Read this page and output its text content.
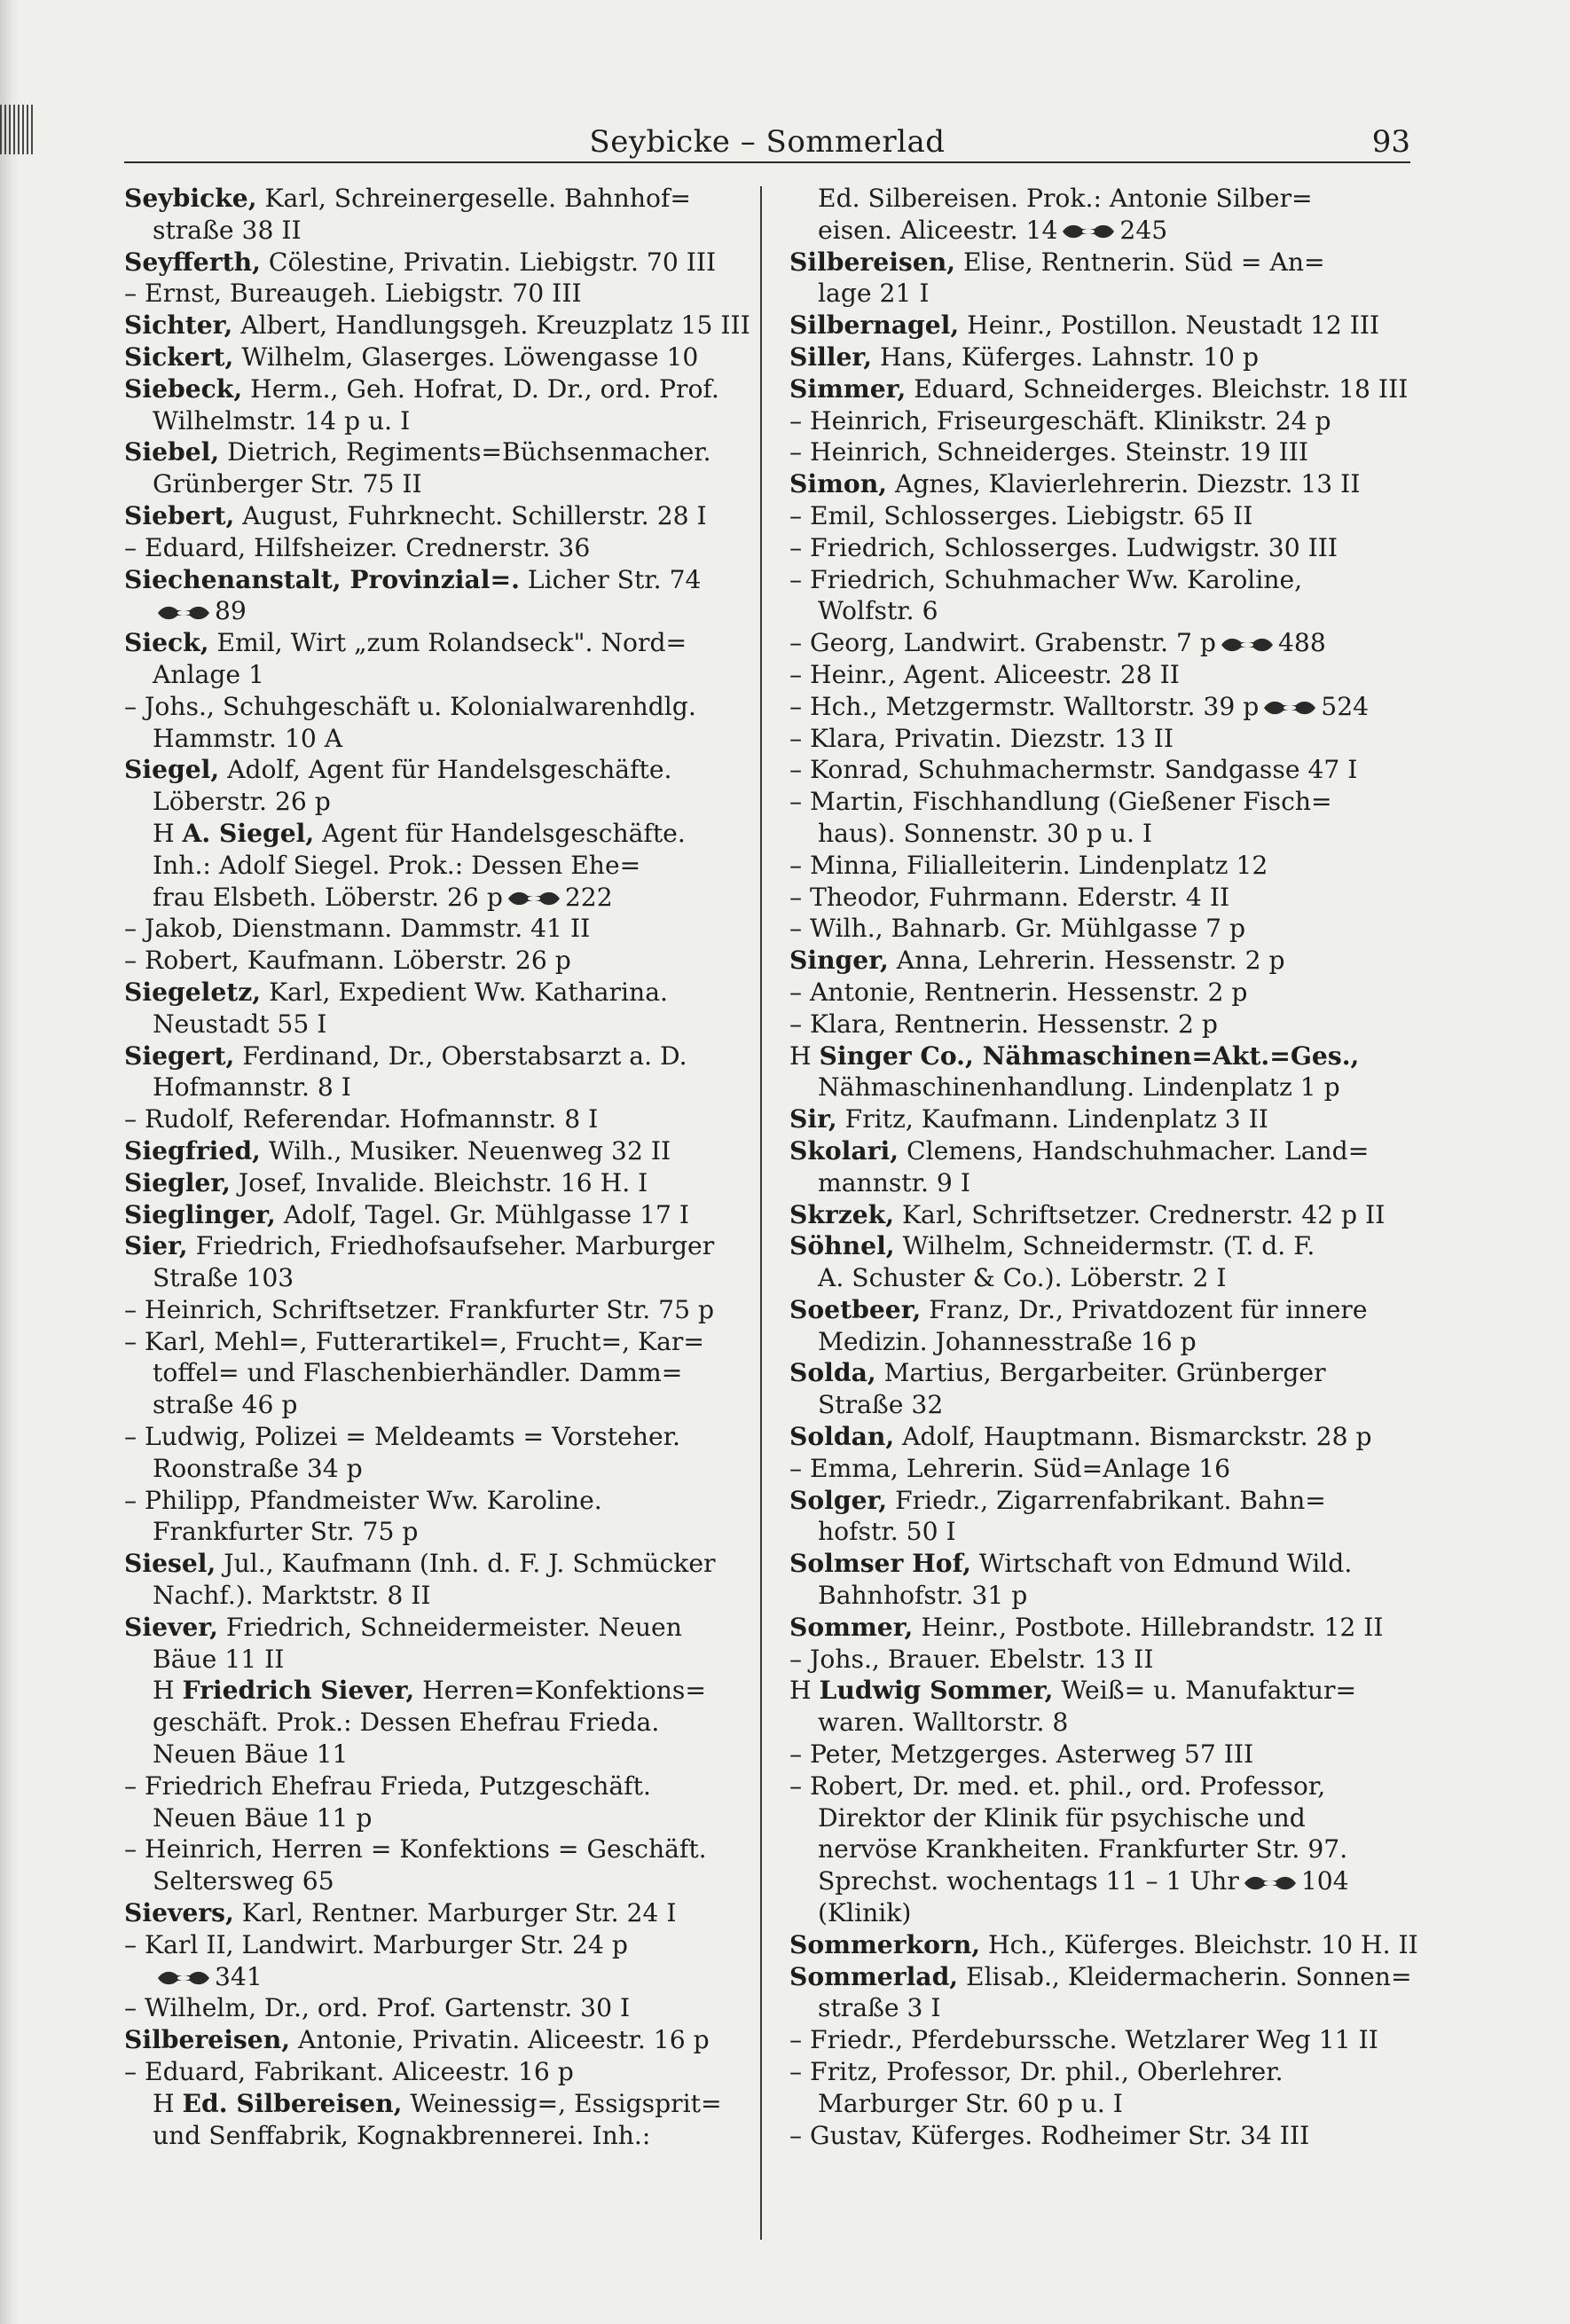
Seybicke – Sommerlad	93
Seybicke, Karl, Schreinergeselle. Bahnhof=
straße 38 II
Seyfferth, Cölestine, Privatin. Liebigstr. 70 III
– Ernst, Bureaugeh. Liebigstr. 70 III
Sichter, Albert, Handlungsgeh. Kreuzplatz 15 III
Sickert, Wilhelm, Glaserges. Löwengasse 10
Siebeck, Herm., Geh. Hofrat, D. Dr., ord. Prof.
Wilhelmstr. 14 p u. I
Siebel, Dietrich, Regiments=Büchsenmacher.
Grünberger Str. 75 II
Siebert, August, Fuhrknecht. Schillerstr. 28 I
– Eduard, Hilfsheizer. Crednerstr. 36
Siechenanstalt, Provinzial=. Licher Str. 74
89
Sieck, Emil, Wirt „zum Rolandseck". Nord=
Anlage 1
– Johs., Schuhgeschäft u. Kolonialwarenhdlg.
Hammstr. 10 A
Siegel, Adolf, Agent für Handelsgeschäfte.
Löberstr. 26 p
H A. Siegel, Agent für Handelsgeschäfte.
Inh.: Adolf Siegel. Prok.: Dessen Ehe=
frau Elsbeth. Löberstr. 26 p 222
– Jakob, Dienstmann. Dammstr. 41 II
– Robert, Kaufmann. Löberstr. 26 p
Siegeletz, Karl, Expedient Ww. Katharina.
Neustadt 55 I
Siegert, Ferdinand, Dr., Oberstabsarzt a. D.
Hofmannstr. 8 I
– Rudolf, Referendar. Hofmannstr. 8 I
Siegfried, Wilh., Musiker. Neuenweg 32 II
Siegler, Josef, Invalide. Bleichstr. 16 H. I
Sieglinger, Adolf, Tagel. Gr. Mühlgasse 17 I
Sier, Friedrich, Friedhofsaufseher. Marburger
Straße 103
– Heinrich, Schriftsetzer. Frankfurter Str. 75 p
– Karl, Mehl=, Futterartikel=, Frucht=, Kar=
toffel= und Flaschenbierhändler. Damm=
straße 46 p
– Ludwig, Polizei = Meldeamts = Vorsteher.
Roonstraße 34 p
– Philipp, Pfandmeister Ww. Karoline.
Frankfurter Str. 75 p
Siesel, Jul., Kaufmann (Inh. d. F. J. Schmücker
Nachf.). Marktstr. 8 II
Siever, Friedrich, Schneidermeister. Neuen
Bäue 11 II
H Friedrich Siever, Herren=Konfektions=
geschäft. Prok.: Dessen Ehefrau Frieda.
Neuen Bäue 11
– Friedrich Ehefrau Frieda, Putzgeschäft.
Neuen Bäue 11 p
– Heinrich, Herren = Konfektions = Geschäft.
Seltersweg 65
Sievers, Karl, Rentner. Marburger Str. 24 I
– Karl II, Landwirt. Marburger Str. 24 p
341
– Wilhelm, Dr., ord. Prof. Gartenstr. 30 I
Silbereisen, Antonie, Privatin. Aliceestr. 16 p
– Eduard, Fabrikant. Aliceestr. 16 p
H Ed. Silbereisen, Weinessig=, Essigsprit=
und Senffabrik, Kognakbrennerei. Inh.:
Ed. Silbereisen. Prok.: Antonie Silber=
eisen. Aliceestr. 14 245
Silbereisen, Elise, Rentnerin. Süd = An=
lage 21 I
Silbernagel, Heinr., Postillon. Neustadt 12 III
Siller, Hans, Küferges. Lahnstr. 10 p
Simmer, Eduard, Schneiderges. Bleichstr. 18 III
– Heinrich, Friseurgeschäft. Klinikstr. 24 p
– Heinrich, Schneiderges. Steinstr. 19 III
Simon, Agnes, Klavierlehrerin. Diezstr. 13 II
– Emil, Schlosserges. Liebigstr. 65 II
– Friedrich, Schlosserges. Ludwigstr. 30 III
– Friedrich, Schuhmacher Ww. Karoline,
Wolfstr. 6
– Georg, Landwirt. Grabenstr. 7 p 488
– Heinr., Agent. Aliceestr. 28 II
– Hch., Metzgermstr. Walltorstr. 39 p 524
– Klara, Privatin. Diezstr. 13 II
– Konrad, Schuhmachermstr. Sandgasse 47 I
– Martin, Fischhandlung (Gießener Fisch=
haus). Sonnenstr. 30 p u. I
– Minna, Filialleiterin. Lindenplatz 12
– Theodor, Fuhrmann. Ederstr. 4 II
– Wilh., Bahnarb. Gr. Mühlgasse 7 p
Singer, Anna, Lehrerin. Hessenstr. 2 p
– Antonie, Rentnerin. Hessenstr. 2 p
– Klara, Rentnerin. Hessenstr. 2 p
H Singer Co., Nähmaschinen=Akt.=Ges.,
Nähmaschinenhandlung. Lindenplatz 1 p
Sir, Fritz, Kaufmann. Lindenplatz 3 II
Skolari, Clemens, Handschuhmacher. Land=
mannstr. 9 I
Skrzek, Karl, Schriftsetzer. Crednerstr. 42 p II
Söhnel, Wilhelm, Schneidermstr. (T. d. F.
A. Schuster & Co.). Löberstr. 2 I
Soetbeer, Franz, Dr., Privatdozent für innere
Medizin. Johannesstraße 16 p
Solda, Martius, Bergarbeiter. Grünberger
Straße 32
Soldan, Adolf, Hauptmann. Bismarckstr. 28 p
– Emma, Lehrerin. Süd=Anlage 16
Solger, Friedr., Zigarrenfabrikant. Bahn=
hofstr. 50 I
Solmser Hof, Wirtschaft von Edmund Wild.
Bahnhofstr. 31 p
Sommer, Heinr., Postbote. Hillebrandstr. 12 II
– Johs., Brauer. Ebelstr. 13 II
H Ludwig Sommer, Weiß= u. Manufaktur=
waren. Walltorstr. 8
– Peter, Metzgerges. Asterweg 57 III
– Robert, Dr. med. et. phil., ord. Professor,
Direktor der Klinik für psychische und
nervöse Krankheiten. Frankfurter Str. 97.
Sprechst. wochentags 11 – 1 Uhr 104
(Klinik)
Sommerkorn, Hch., Küferges. Bleichstr. 10 H. II
Sommerlad, Elisab., Kleidermacherin. Sonnen=
straße 3 I
– Friedr., Pferdeburssche. Wetzlarer Weg 11 II
– Fritz, Professor, Dr. phil., Oberlehrer.
Marburger Str. 60 p u. I
– Gustav, Küferges. Rodheimer Str. 34 III
